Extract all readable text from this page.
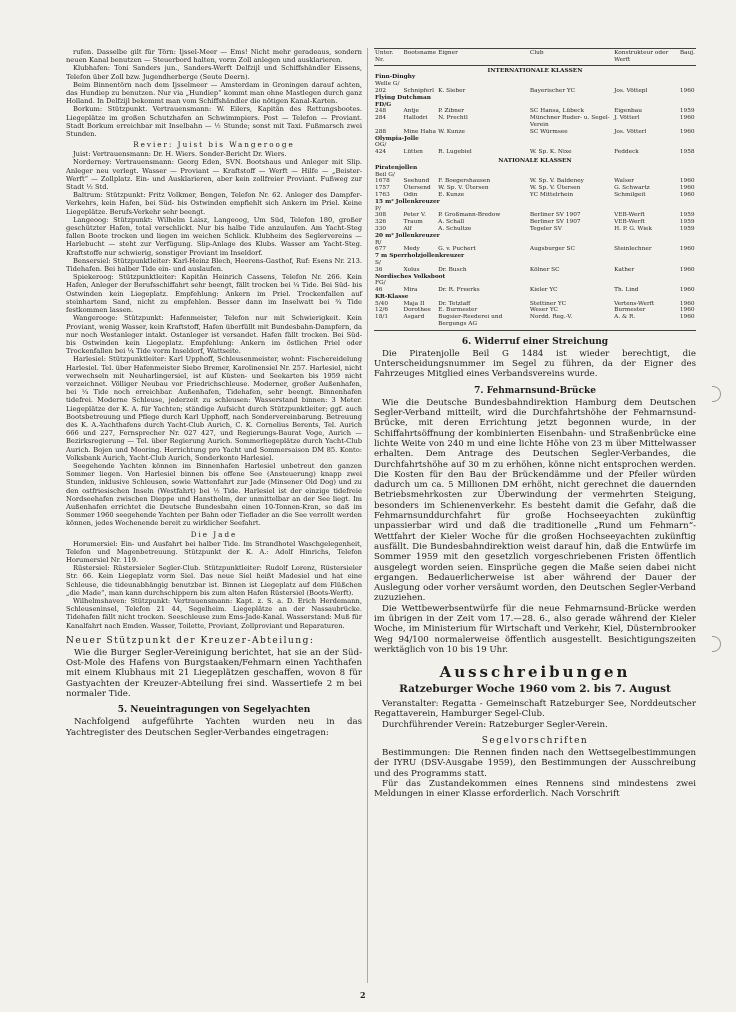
rufen. Dasselbe gilt für Törn: Ijssel-Meer — Ems! Nicht mehr geradeaus, sondern neuen Kanal benutzen — Steuerbord halten, vorm Zoll anlegen und ausklarieren.

Klubhafen: Toni Sanders jun., Sanders-Werft Delfzijl und Schiffshändler Eissens, Telefon über Zoll bzw. Jugendherberge (Seute Deern).

Beim Binnentörn nach dem Ijsselmeer — Amsterdam in Groningen darauf achten, das Hundiep zu benutzen. Nur via „Hundiep“ kommt man ohne Mastlegen durch ganz Holland. In Delfzijl bekommt man vom Schiffshändler die nötigen Kanal-Karten.

Borkum: Stützpunkt. Vertrauensmann: W. Eilers, Kapitän des Rettungsbootes. Liegeplätze im großen Schutzhafen an Schwimmpiers. Post — Telefon — Proviant. Stadt Borkum erreichbar mit Inselbahn — ½ Stunde; sonst mit Taxi. Fußmarsch zwei Stunden.

Revier: Juist bis Wangerooge

Juist: Vertrauensmann: Dr. H. Wiers. Sonder-Bericht Dr. Wiers.

Norderney: Vertrauensmann: Georg Eden, SVN. Bootshaus und Anleger mit Slip. Anleger neu verlegt. Wasser — Proviant — Kraftstoff — Werft — Hilfe — „Beister-Werft“ — Zollplatz. Ein- und Ausklarieren, aber kein zollfreier Proviant. Fußweg zur Stadt ½ Std.

Baltrum: Stützpunkt: Fritz Volkmer, Bengen, Telefon Nr. 62. Anleger des Dampfer-Verkehrs, kein Hafen, bei Süd- bis Ostwinden empfiehlt sich Ankern im Priel. Keine Liegeplätze. Berufs-Verkehr sehr beengt.

Langeoog: Stützpunkt: Wilhelm Laisz, Langeoog, Um Süd, Telefon 180, großer geschützter Hafen, total verschlickt. Nur bis halbe Tide anzulaufen. Am Yacht-Steg fallen Boote trocken und liegen im weichen Schlick. Klubheim des Seglervereins — Harlebucht — steht zur Verfügung. Slip-Anlage des Klubs. Wasser am Yacht-Steg. Kraftstoffe nur schwierig, sonstiger Proviant im Inseldorf.

Bensersiel: Stützpunktleiter: Karl-Heinz Blech, Heerens-Gasthof, Ruf: Esens Nr. 213. Tidehafen. Bei halber Tide ein- und auslaufen.

Spiekeroog: Stützpunktleiter: Kapitän Heinrich Cassens, Telefon Nr. 266. Kein Hafen, Anleger der Berufsschiffahrt sehr beengt, fällt trocken bei ¼ Tide. Bei Süd- bis Ostwinden kein Liegeplatz. Empfehlung: Ankern im Priel. Trockenfallen auf steinhartem Sand, nicht zu empfehlen. Besser dann im Inselwatt bei ¾ Tide festkommen lassen.

Wangerooge: Stützpunkt: Hafenmeister, Telefon nur mit Schwierigkeit. Kein Proviant, wenig Wasser, kein Kraftstoff, Hafen überfüllt mit Bundesbahn-Dampfern, da nur noch Westanleger intakt. Ostanleger ist versandet. Hafen fällt trocken. Bei Süd- bis Ostwinden kein Liegeplatz. Empfehlung: Ankern im östlichen Priel oder Trockenfallen bei ¼ Tide vorm Inseldorf, Wattseite.

Harlesiel: Stützpunktleiter: Karl Upphoff, Schleusenmeister, wohnt: Fischereidelung Harlesiel. Tel. über Hafenmeister Siebo Bremer, Karolinensiel Nr. 257. Harlesiel, nicht verwechseln mit Neuharlingersiel, ist auf Küsten- und Seekarten bis 1959 nicht verzeichnet. Völliger Neubau vor Friedrichschleuse. Moderner, großer Außenhafen, bei ¼ Tide noch erreichbar. Außenhafen, Tidehafen, sehr beengt. Binnenhafen tidefrei. Moderne Schleuse, jederzeit zu schleusen: Wasserstand binnen: 3 Meter. Liegeplätze der K. A. für Yachten; ständige Aufsicht durch Stützpunktleiter; ggf. auch Bootsbetreuung und Pflege durch Karl Upphoff, nach Sondervereinbarung. Betreuung des K. A.-Yachthafens durch Yacht-Club Aurich, C. K. Cornelius Berents, Tel. Aurich 666 und 227, Fernsprecher Nr. 027 427, und Regierungs-Baurat Voge, Aurich — Bezirksregierung — Tel. über Regierung Aurich. Sommerliegeplätze durch Yacht-Club Aurich. Bojen und Mooring. Herrichtung pro Yacht und Sommersaison DM 85. Konto: Volksbank Aurich, Yacht-Club Aurich, Sonderkonto Harlesiel.

Seegehende Yachten können im Binnenhafen Harlesiel unbetreut den ganzen Sommer liegen. Von Harlesiel binnen bis offene See (Ansteuerung) knapp zwei Stunden, inklusive Schleusen, sowie Wattenfahrt zur Jade (Minsener Old Dog) und zu den ostfriesischen Inseln (Westfahrt) bei ½ Tide. Harlesiel ist der einzige tidefreie Nordseehafen zwischen Dieppe und Hanstholm, der unmittelbar an der See liegt. Im Außenhafen errichtet die Deutsche Bundesbahn einen 10-Tonnen-Kran, so daß im Sommer 1960 seegehende Yachten per Bahn oder Tieflader an die See verrollt werden können, jedes Wochenende bereit zu wirklicher Seefahrt.

Die Jade

Horumersiel: Ein- und Ausfahrt bei halber Tide. Im Strandhotel Waschgelegenheit, Telefon und Magenbetreuung. Stützpunkt der K. A.: Adolf Hinrichs, Telefon Horumersiel Nr. 119.

Rüstersiel: Rüstersieler Segler-Club. Stützpunktleiter: Rudolf Lorenz, Rüstersieler Str. 66. Kein Liegeplatz vorm Siel. Das neue Siel heißt Madesiel und hat eine Schleuse, die tideunabhängig benutzbar ist. Binnen ist Liegeplatz auf dem Flüßchen „die Made“, man kann durchschippern bis zum alten Hafen Rüstersiel (Boots-Werft).

Wilhelmshaven: Stützpunkt: Vertrauensmann: Kapt. z. S. a. D. Erich Herdemann, Schleuseninsel, Telefon 21 44, Segelheim. Liegeplätze an der Nassaubrücke. Tidehafen fällt nicht trocken. Seeschleuse zum Ems-Jade-Kanal. Wasserstand: Muß für Kanalfahrt nach Emden. Wasser, Toilette, Proviant, Zollproviant und Reparaturen.

Neuer Stützpunkt der Kreuzer-Abteilung:

Wie die Burger Segler-Vereinigung berichtet, hat sie an der Süd-Ost-Mole des Hafens von Burgstaaken/Fehmarn einen Yachthafen mit einem Klubhaus mit 21 Liegeplätzen geschaffen, wovon 8 für Gastyachten der Kreuzer-Abteilung frei sind. Wassertiefe 2 m bei normaler Tide.

5. Neueintragungen von Segelyachten

Nachfolgend aufgeführte Yachten wurden neu in das Yachtregister des Deutschen Segler-Verbandes eingetragen:

Unter. Nr.	Bootsname	Eigner	Club	Konstrukteur oder Werft	Bauj.
INTERNATIONALE KLASSEN					
Finn-Dinghy					
Welle G/					
202	Schnipferl	K. Sieber	Bayerischer YC	Jos. Vöttерl	1960
Flying Dutchman					
FD/G					
248	Antje	P. Zibner	SC Hansa, Lübeck	Eigenbau	1959
284	Hallodri	N. Prechtl	Münchner Ruder- u. Segel-Verein	J. Vötterl	1960
288	Mine Haha	W. Kunze	SC Würmsee	Jos. Vötterl	1960
Olympia-Jolle					
OG/					
424	Lütten	R. Lugebiel	W. Sp. K. Nixe	Feddeck	1958
NATIONALE KLASSEN					
Piratenjollen					
Beil G/					
1678	Seehund	F. Boegershausen	W. Sp. V. Baldeney	Walser	1960
1757	Ütersend	W. Sp. V. Ütersen	W. Sp. V. Ütersen	G. Schwartz	1960
1763	Odin	E. Kunze	YC Mittelrhein	Schmilgeit	1960
15 m² Jollenkreuzer					
P/					
308	Peter V.	P. Großmann-Bredow	Berliner SV 1907	VEB-Werft	1959
326	Traum	A. Schall	Berliner SV 1907	VEB-Werft	1959
330	Alf	A. Schultze	Tegeler SV	H. P. G. Wiek	1959
20 m² Jollenkreuzer					
R/					
677	Medy	G. v. Puchert	Augsburger SC	Steinlechner	1960
7 m Sperrholzjollenkreuzer					
S/					
36	Xolus	Dr. Busch	Kölner SC	Kather	1960
Nordisches Volksboot					
FG/					
46	Mira	Dr. R. Freerks	Kieler YC	Th. Lind	1960
KR-Klasse					
5/40	Maja II	Dr. Tetzlaff	Stettiner YC	Vertens-Werft	1960
12/6	Dorothee	E. Burmester	Weser YC	Burmester	1960
18/1	Asgard	Bugsier-Reederei und Bergungs AG	Nordd. Reg.-V.	A. & R.	1960
6. Widerruf einer Streichung

Die Piratenjolle Beil G 1484 ist wieder berechtigt, die Unterscheidungsnummer im Segel zu führen, da der Eigner des Fahrzeuges Mitglied eines Verbandsvereins wurde.

7. Fehmarnsund-Brücke

Wie die Deutsche Bundesbahndirektion Hamburg dem Deutschen Segler-Verband mitteilt, wird die Durchfahrtshöhe der Fehmarnsund-Brücke, mit deren Errichtung jetzt begonnen wurde, in der Schiffahrtsöffnung der kombinierten Eisenbahn- und Straßenbrücke eine lichte Weite von 240 m und eine lichte Höhe von 23 m über Mittelwasser erhalten. Dem Antrage des Deutschen Segler-Verbandes, die Durchfahrtshöhe auf 30 m zu erhöhen, könne nicht entsprochen werden. Die Kosten für den Bau der Brückendämme und der Pfeiler würden dadurch um ca. 5 Millionen DM erhöht, nicht gerechnet die dauernden Betriebsmehrkosten zur Überwindung der vermehrten Steigung, besonders im Schienenverkehr. Es besteht damit die Gefahr, daß die Fehmarnsunddurchfahrt für große Hochseeyachten zukünftig unpassierbar wird und daß die traditionelle „Rund um Fehmarn“-Wettfahrt der Kieler Woche für die großen Hochseeyachten zukünftig ausfällt. Die Bundesbahndirektion weist darauf hin, daß die Entwürfe im Sommer 1959 mit den gesetzlich vorgeschriebenen Fristen öffentlich ausgelegt worden seien. Einsprüche gegen die Maße seien dabei nicht ergangen. Bedauerlicherweise ist aber während der Dauer der Auslegung oder vorher versäumt worden, den Deutschen Segler-Verband zuzuziehen.

Die Wettbewerbsentwürfe für die neue Fehmarnsund-Brücke werden im übrigen in der Zeit vom 17.—28. 6., also gerade während der Kieler Woche, im Ministerium für Wirtschaft und Verkehr, Kiel, Düsternbrooker Weg 94/100 normalerweise öffentlich ausgestellt. Besichtigungszeiten werktäglich von 10 bis 19 Uhr.

Ausschreibungen
Ratzeburger Woche 1960 vom 2. bis 7. August

Veranstalter: Regatta - Gemeinschaft Ratzeburger See, Norddeutscher Regattaverein, Hamburger Segel-Club.

Durchführender Verein: Ratzeburger Segler-Verein.

Segelvorschriften

Bestimmungen: Die Rennen finden nach den Wettsegelbestimmungen der IYRU (DSV-Ausgabe 1959), den Bestimmungen der Ausschreibung und des Programms statt.

Für das Zustandekommen eines Rennens sind mindestens zwei Meldungen in einer Klasse erforderlich. Nach Vorschrift

2
